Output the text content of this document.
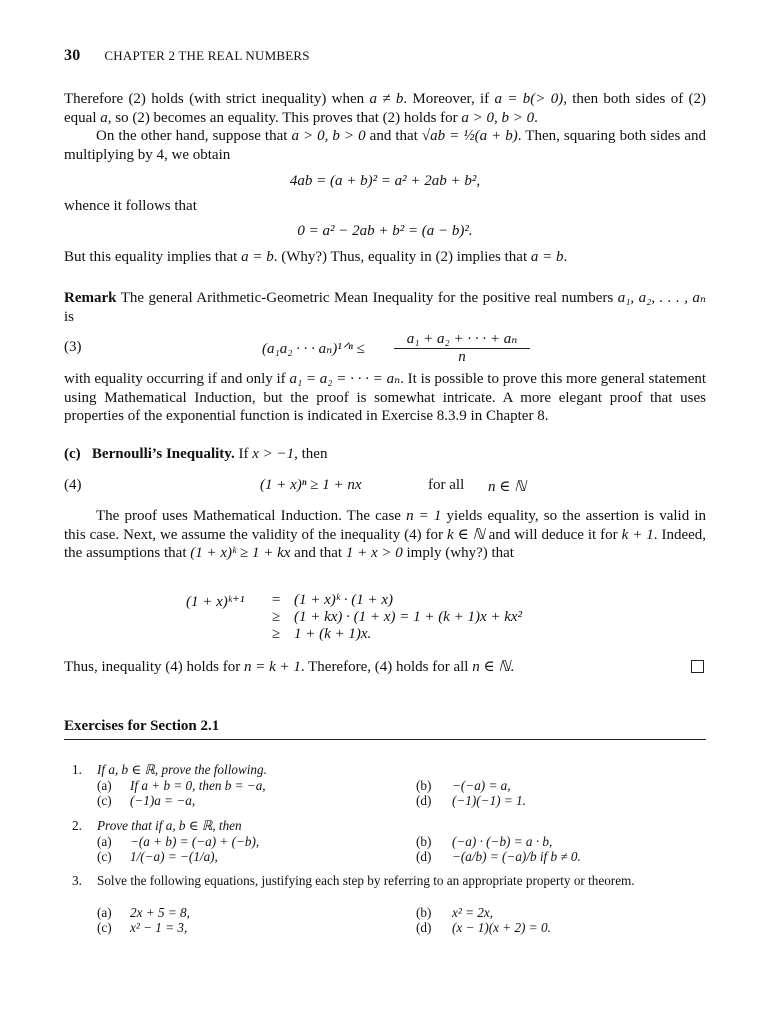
30 CHAPTER 2 THE REAL NUMBERS

Therefore (2) holds (with strict inequality) when a ≠ b. Moreover, if a = b(> 0), then both sides of (2) equal a, so (2) becomes an equality. This proves that (2) holds for a > 0, b > 0.

On the other hand, suppose that a > 0, b > 0 and that √ab = ½(a + b). Then, squaring both sides and multiplying by 4, we obtain

4ab = (a + b)² = a² + 2ab + b²,
whence it follows that
0 = a² − 2ab + b² = (a − b)².
But this equality implies that a = b. (Why?) Thus, equality in (2) implies that a = b.

Remark The general Arithmetic-Geometric Mean Inequality for the positive real numbers a₁, a₂, . . . , aₙ is

(3)	(a₁a₂ · · · aₙ)¹ᐟⁿ ≤
a₁ + a₂ + · · · + aₙ
n

with equality occurring if and only if a₁ = a₂ = · · · = aₙ. It is possible to prove this more general statement using Mathematical Induction, but the proof is somewhat intricate. A more elegant proof that uses properties of the exponential function is indicated in Exercise 8.3.9 in Chapter 8.

(c) Bernoulli’s Inequality. If x > −1, then
(4)	(1 + x)ⁿ ≥ 1 + nx	for all n ∈ ℕ

The proof uses Mathematical Induction. The case n = 1 yields equality, so the assertion is valid in this case. Next, we assume the validity of the inequality (4) for k ∈ ℕ and will deduce it for k + 1. Indeed, the assumptions that (1 + x)ᵏ ≥ 1 + kx and that 1 + x > 0 imply (why?) that

(1 + x)ᵏ⁺¹ = (1 + x)ᵏ · (1 + x)
≥ (1 + kx) · (1 + x) = 1 + (k + 1)x + kx²
≥ 1 + (k + 1)x.
Thus, inequality (4) holds for n = k + 1. Therefore, (4) holds for all n ∈ ℕ.
Exercises for Section 2.1
1. If a, b ∈ ℝ, prove the following.
(a) If a + b = 0, then b = −a,	(b) −(−a) = a,
(c) (−1)a = −a,	(d) (−1)(−1) = 1.
2. Prove that if a, b ∈ ℝ, then
(a) −(a + b) = (−a) + (−b),	(b) (−a) · (−b) = a · b,
(c) 1/(−a) = −(1/a),	(d) −(a/b) = (−a)/b if b ≠ 0.
3. Solve the following equations, justifying each step by referring to an appropriate property or theorem.
(a) 2x + 5 = 8,	(b) x² = 2x,
(c) x² − 1 = 3,	(d) (x − 1)(x + 2) = 0.
